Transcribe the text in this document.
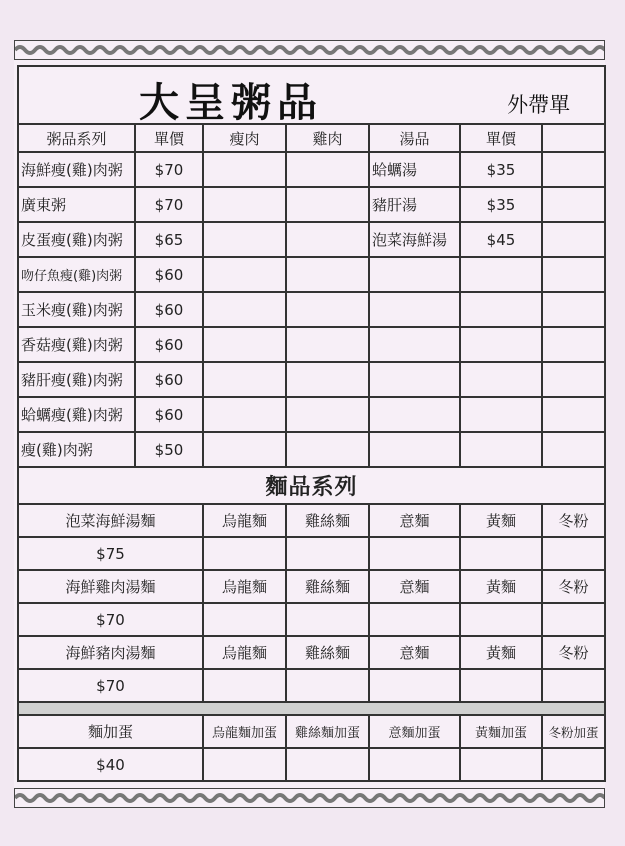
大呈粥品 外帶單						

粥品系列	單價	瘦肉	雞肉	湯品	單價	
海鮮瘦(雞)肉粥	$70			蛤蠣湯	$35	
廣東粥	$70			豬肝湯	$35	
皮蛋瘦(雞)肉粥	$65			泡菜海鮮湯	$45	
吻仔魚瘦(雞)肉粥	$60					
玉米瘦(雞)肉粥	$60					
香菇瘦(雞)肉粥	$60					
豬肝瘦(雞)肉粥	$60					
蛤蠣瘦(雞)肉粥	$60					
瘦(雞)肉粥	$50					
麵品系列						
泡菜海鮮湯麵		烏龍麵	雞絲麵	意麵	黃麵	冬粉
$75						
海鮮雞肉湯麵		烏龍麵	雞絲麵	意麵	黃麵	冬粉
$70						
海鮮豬肉湯麵		烏龍麵	雞絲麵	意麵	黃麵	冬粉
$70						

麵加蛋		烏龍麵加蛋	雞絲麵加蛋	意麵加蛋	黃麵加蛋	冬粉加蛋
$40						
